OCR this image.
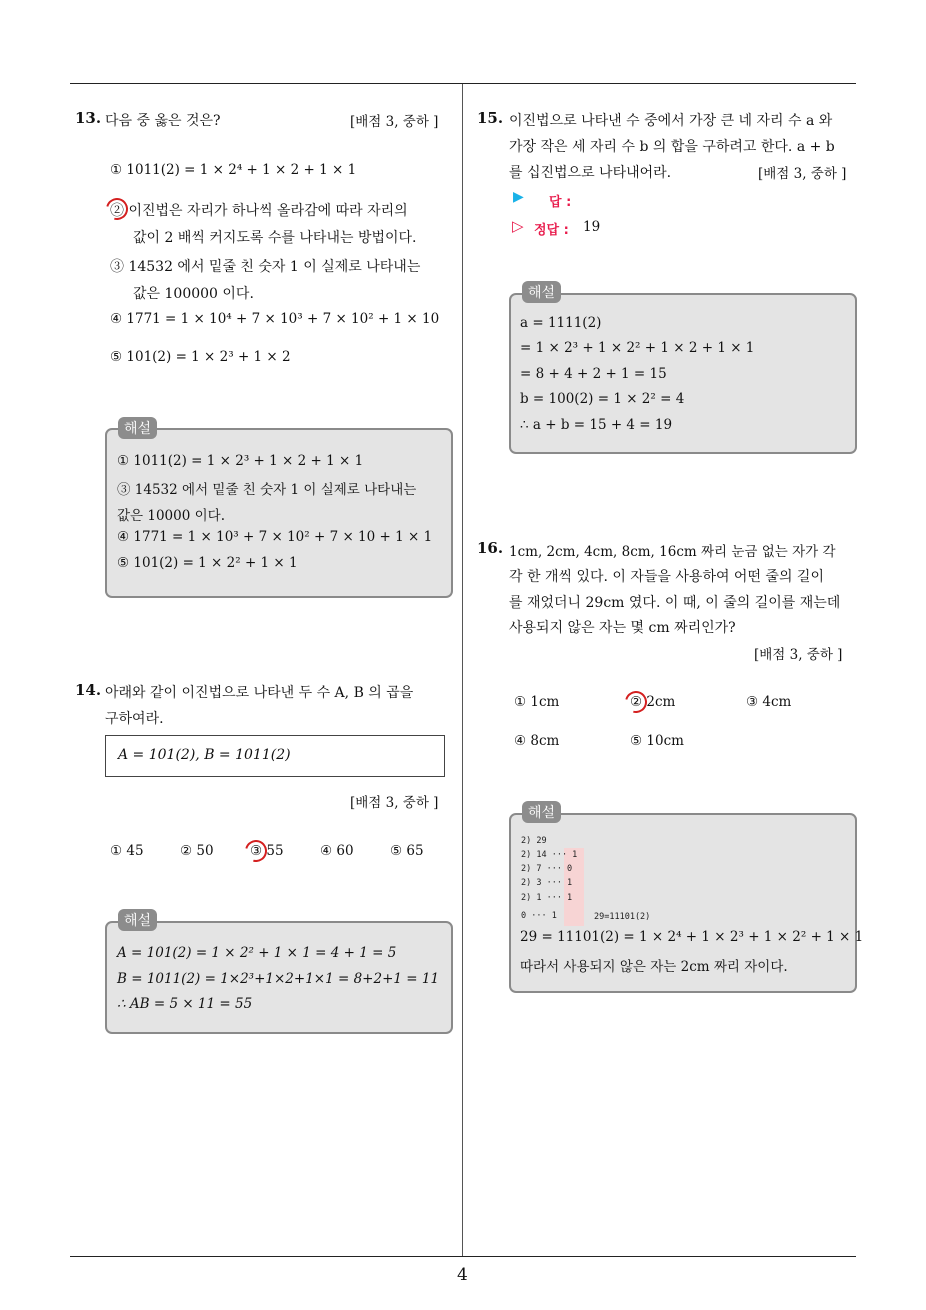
13. 다음 중 옳은 것은?	[배점 3, 중하 ]
① 1011(2) = 1 × 2⁴ + 1 × 2 + 1 × 1
② 이진법은 자리가 하나씩 올라감에 따라 자리의
값이 2 배씩 커지도록 수를 나타내는 방법이다.
③ 14532 에서 밑줄 친 숫자 1 이 실제로 나타내는
값은 100000 이다.
④ 1771 = 1 × 10⁴ + 7 × 10³ + 7 × 10² + 1 × 10
⑤ 101(2) = 1 × 2³ + 1 × 2
해설
① 1011(2) = 1 × 2³ + 1 × 2 + 1 × 1
③ 14532 에서 밑줄 친 숫자 1 이 실제로 나타내는
값은 10000 이다.
④ 1771 = 1 × 10³ + 7 × 10² + 7 × 10 + 1 × 1
⑤ 101(2) = 1 × 2² + 1 × 1
14. 아래와 같이 이진법으로 나타낸 두 수 A, B 의 곱을
구하여라.
A = 101(2), B = 1011(2)
[배점 3, 중하 ]
① 45	② 50	③ 55	④ 60	⑤ 65
해설
A = 101(2) = 1 × 2² + 1 × 1 = 4 + 1 = 5
B = 1011(2) = 1×2³+1×2+1×1 = 8+2+1 = 11
∴ AB = 5 × 11 = 55
15. 이진법으로 나타낸 수 중에서 가장 큰 네 자리 수 a 와
가장 작은 세 자리 수 b 의 합을 구하려고 한다. a + b
를 십진법으로 나타내어라.	[배점 3, 중하 ]
▶ 답 :
▷ 정답 : 19
해설
a = 1111(2)
= 1 × 2³ + 1 × 2² + 1 × 2 + 1 × 1
= 8 + 4 + 2 + 1 = 15
b = 100(2) = 1 × 2² = 4
∴ a + b = 15 + 4 = 19
16. 1cm, 2cm, 4cm, 8cm, 16cm 짜리 눈금 없는 자가 각
각 한 개씩 있다. 이 자들을 사용하여 어떤 줄의 길이
를 재었더니 29cm 였다. 이 때, 이 줄의 길이를 재는데
사용되지 않은 자는 몇 cm 짜리인가?
[배점 3, 중하 ]
① 1cm	② 2cm	③ 4cm
④ 8cm	⑤ 10cm
해설
2) 29
2) 14 ··· 1
2) 7 ··· 0
2) 3 ··· 1
2) 1 ··· 1
0 ··· 1	29=11101(2)
29 = 11101(2) = 1 × 2⁴ + 1 × 2³ + 1 × 2² + 1 × 1
따라서 사용되지 않은 자는 2cm 짜리 자이다.
4
